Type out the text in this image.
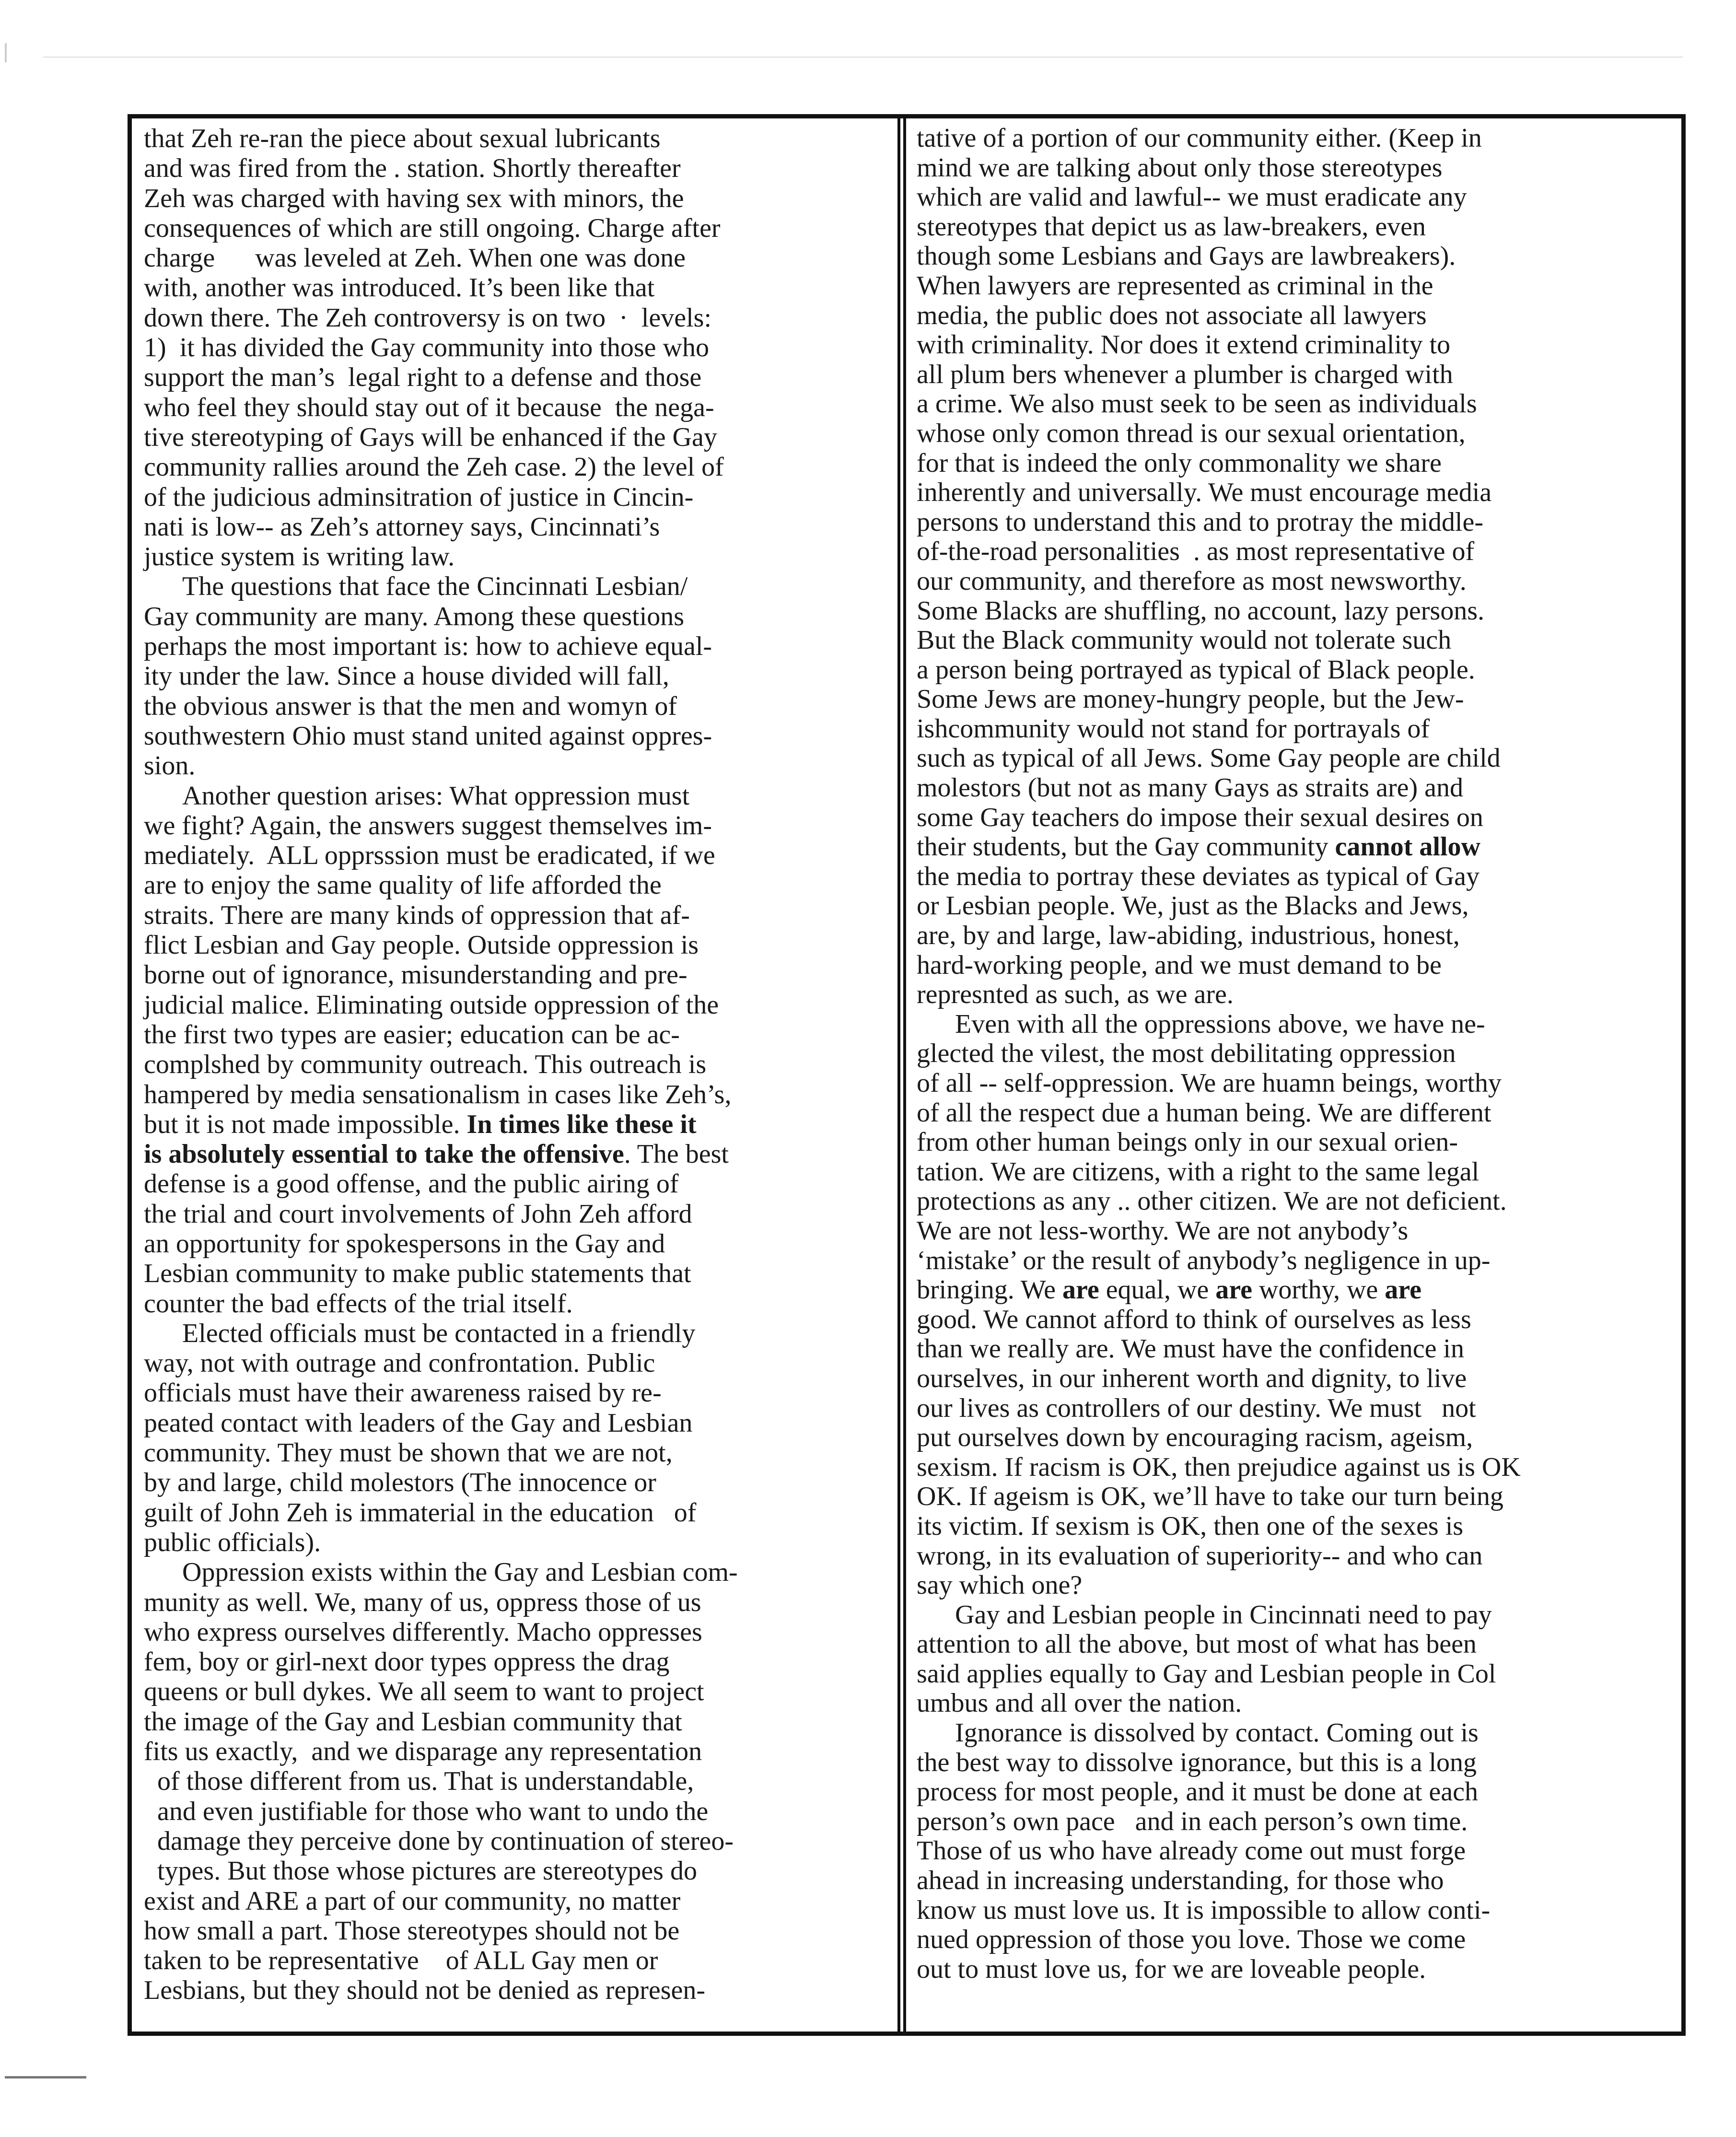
that Zeh re-ran the piece about sexual lubricants
and was fired from the . station. Shortly thereafter
Zeh was charged with having sex with minors, the
consequences of which are still ongoing. Charge after
charge      was leveled at Zeh. When one was done
with, another was introduced. It’s been like that
down there. The Zeh controversy is on two  ·  levels:
1)  it has divided the Gay community into those who
support the man’s  legal right to a defense and those
who feel they should stay out of it because  the nega-
tive stereotyping of Gays will be enhanced if the Gay
community rallies around the Zeh case. 2) the level of
of the judicious adminsitration of justice in Cincin-
nati is low-- as Zeh’s attorney says, Cincinnati’s
justice system is writing law.
The questions that face the Cincinnati Lesbian/
Gay community are many. Among these questions
perhaps the most important is: how to achieve equal-
ity under the law. Since a house divided will fall,
the obvious answer is that the men and womyn of
southwestern Ohio must stand united against oppres-
sion.
Another question arises: What oppression must
we fight? Again, the answers suggest themselves im-
mediately.  ALL opprsssion must be eradicated, if we
are to enjoy the same quality of life afforded the
straits. There are many kinds of oppression that af-
flict Lesbian and Gay people. Outside oppression is
borne out of ignorance, misunderstanding and pre-
judicial malice. Eliminating outside oppression of the
the first two types are easier; education can be ac-
complshed by community outreach. This outreach is
hampered by media sensationalism in cases like Zeh’s,
but it is not made impossible. In times like these it
is absolutely essential to take the offensive. The best
defense is a good offense, and the public airing of
the trial and court involvements of John Zeh afford
an opportunity for spokespersons in the Gay and
Lesbian community to make public statements that
counter the bad effects of the trial itself.
Elected officials must be contacted in a friendly
way, not with outrage and confrontation. Public
officials must have their awareness raised by re-
peated contact with leaders of the Gay and Lesbian
community. They must be shown that we are not,
by and large, child molestors (The innocence or
guilt of John Zeh is immaterial in the education   of
public officials).
Oppression exists within the Gay and Lesbian com-
munity as well. We, many of us, oppress those of us
who express ourselves differently. Macho oppresses
fem, boy or girl-next door types oppress the drag
queens or bull dykes. We all seem to want to project
the image of the Gay and Lesbian community that
fits us exactly,  and we disparage any representation
of those different from us. That is understandable,
and even justifiable for those who want to undo the
damage they perceive done by continuation of stereo-
types. But those whose pictures are stereotypes do
exist and ARE a part of our community, no matter
how small a part. Those stereotypes should not be
taken to be representative    of ALL Gay men or
Lesbians, but they should not be denied as represen-
tative of a portion of our community either. (Keep in
mind we are talking about only those stereotypes
which are valid and lawful-- we must eradicate any
stereotypes that depict us as law-breakers, even
though some Lesbians and Gays are lawbreakers).
When lawyers are represented as criminal in the
media, the public does not associate all lawyers
with criminality. Nor does it extend criminality to
all plum bers whenever a plumber is charged with
a crime. We also must seek to be seen as individuals
whose only comon thread is our sexual orientation,
for that is indeed the only commonality we share
inherently and universally. We must encourage media
persons to understand this and to protray the middle-
of-the-road personalities  . as most representative of
our community, and therefore as most newsworthy.
Some Blacks are shuffling, no account, lazy persons.
But the Black community would not tolerate such
a person being portrayed as typical of Black people.
Some Jews are money-hungry people, but the Jew-
ishcommunity would not stand for portrayals of
such as typical of all Jews. Some Gay people are child
molestors (but not as many Gays as straits are) and
some Gay teachers do impose their sexual desires on
their students, but the Gay community cannot allow
the media to portray these deviates as typical of Gay
or Lesbian people. We, just as the Blacks and Jews,
are, by and large, law-abiding, industrious, honest,
hard-working people, and we must demand to be
represnted as such, as we are.
Even with all the oppressions above, we have ne-
glected the vilest, the most debilitating oppression
of all -- self-oppression. We are huamn beings, worthy
of all the respect due a human being. We are different
from other human beings only in our sexual orien-
tation. We are citizens, with a right to the same legal
protections as any .. other citizen. We are not deficient.
We are not less-worthy. We are not anybody’s
‘mistake’ or the result of anybody’s negligence in up-
bringing. We are equal, we are worthy, we are
good. We cannot afford to think of ourselves as less
than we really are. We must have the confidence in
ourselves, in our inherent worth and dignity, to live
our lives as controllers of our destiny. We must   not
put ourselves down by encouraging racism, ageism,
sexism. If racism is OK, then prejudice against us is OK
OK. If ageism is OK, we’ll have to take our turn being
its victim. If sexism is OK, then one of the sexes is
wrong, in its evaluation of superiority-- and who can
say which one?
Gay and Lesbian people in Cincinnati need to pay
attention to all the above, but most of what has been
said applies equally to Gay and Lesbian people in Col
umbus and all over the nation.
Ignorance is dissolved by contact. Coming out is
the best way to dissolve ignorance, but this is a long
process for most people, and it must be done at each
person’s own pace   and in each person’s own time.
Those of us who have already come out must forge
ahead in increasing understanding, for those who
know us must love us. It is impossible to allow conti-
nued oppression of those you love. Those we come
out to must love us, for we are loveable people.
